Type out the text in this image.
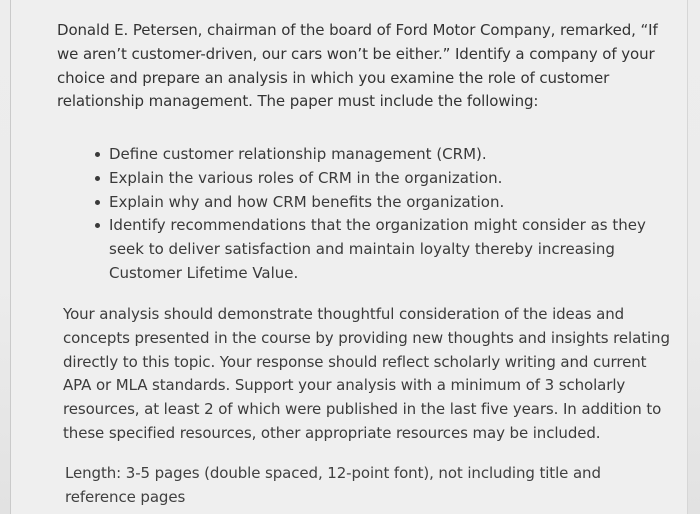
Donald E. Petersen, chairman of the board of Ford Motor Company, remarked, “If
we aren’t customer-driven, our cars won’t be either.” Identify a company of your
choice and prepare an analysis in which you examine the role of customer
relationship management. The paper must include the following:
Define customer relationship management (CRM).
Explain the various roles of CRM in the organization.
Explain why and how CRM benefits the organization.
Identify recommendations that the organization might consider as they
seek to deliver satisfaction and maintain loyalty thereby increasing
Customer Lifetime Value.
Your analysis should demonstrate thoughtful consideration of the ideas and
concepts presented in the course by providing new thoughts and insights relating
directly to this topic. Your response should reflect scholarly writing and current
APA or MLA standards. Support your analysis with a minimum of 3 scholarly
resources, at least 2 of which were published in the last five years. In addition to
these specified resources, other appropriate resources may be included.
Length: 3-5 pages (double spaced, 12-point font), not including title and
reference pages
